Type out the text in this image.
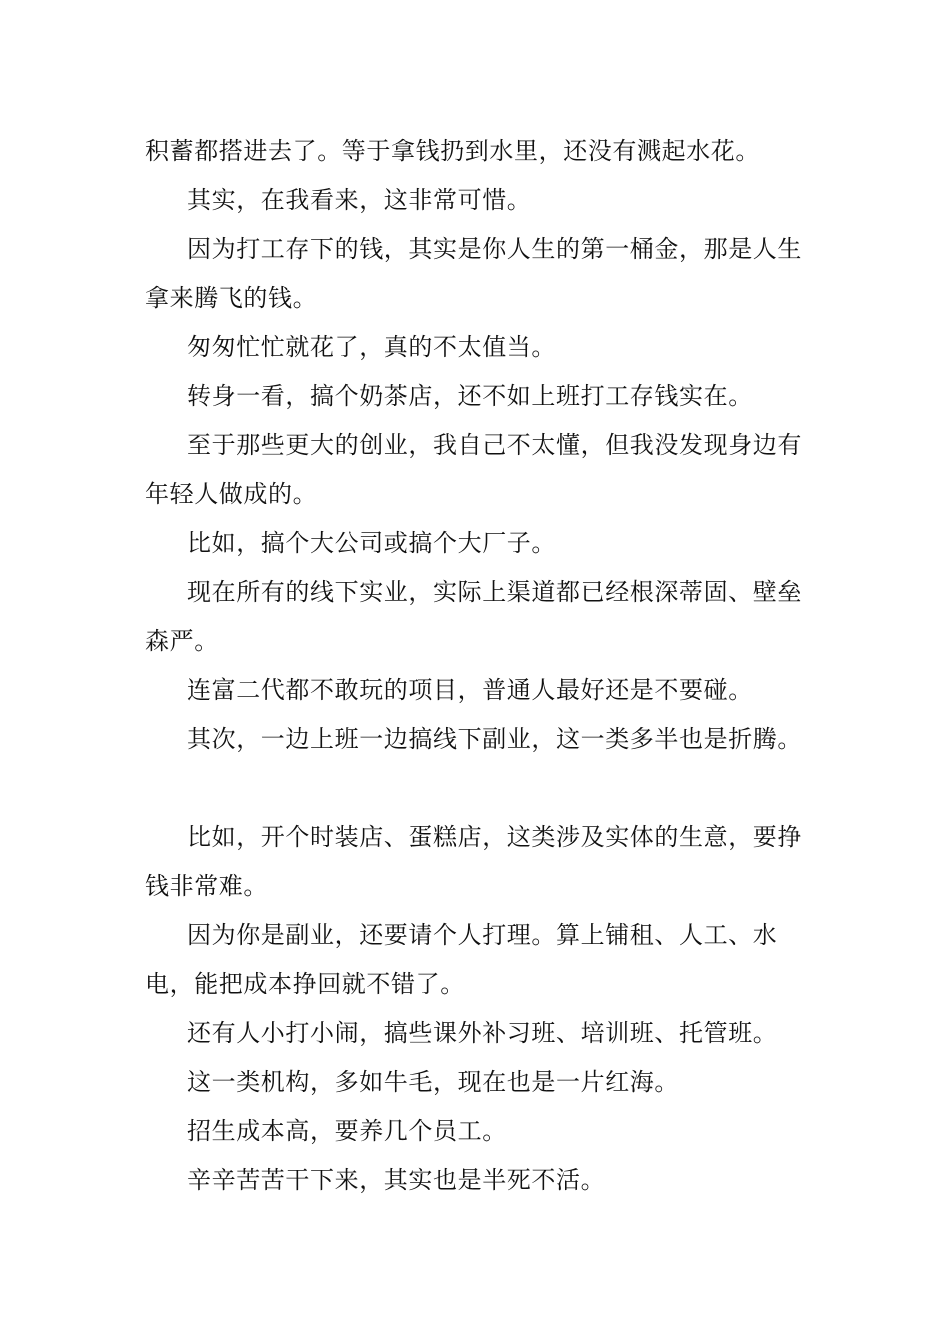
积蓄都搭进去了。等于拿钱扔到水里，还没有溅起水花。

其实，在我看来，这非常可惜。

因为打工存下的钱，其实是你人生的第一桶金，那是人生拿来腾飞的钱。

匆匆忙忙就花了，真的不太值当。

转身一看，搞个奶茶店，还不如上班打工存钱实在。

至于那些更大的创业，我自己不太懂，但我没发现身边有年轻人做成的。

比如，搞个大公司或搞个大厂子。

现在所有的线下实业，实际上渠道都已经根深蒂固、壁垒森严。

连富二代都不敢玩的项目，普通人最好还是不要碰。

其次，一边上班一边搞线下副业，这一类多半也是折腾。

比如，开个时装店、蛋糕店，这类涉及实体的生意，要挣钱非常难。

因为你是副业，还要请个人打理。算上铺租、人工、水电，能把成本挣回就不错了。

还有人小打小闹，搞些课外补习班、培训班、托管班。

这一类机构，多如牛毛，现在也是一片红海。

招生成本高，要养几个员工。

辛辛苦苦干下来，其实也是半死不活。
